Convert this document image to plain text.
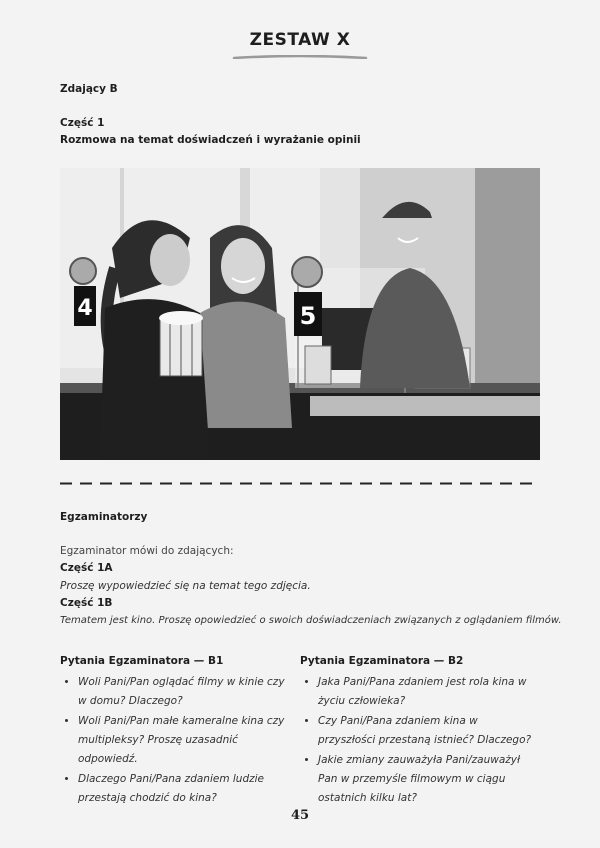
ZESTAW X
Zdający B
Część 1
Rozmowa na temat doświadczeń i wyrażanie opinii
4	5
Egzaminatorzy
Egzaminator mówi do zdających:
Część 1A
Proszę wypowiedzieć się na temat tego zdjęcia.
Część 1B
Tematem jest kino. Proszę opowiedzieć o swoich doświadczeniach związanych z oglądaniem filmów.
Pytania Egzaminatora — B1
• Woli Pani/Pan oglądać filmy w kinie czy w domu? Dlaczego?
• Woli Pani/Pan małe kameralne kina czy multipleksy? Proszę uzasadnić odpowiedź.
• Dlaczego Pani/Pana zdaniem ludzie przestają chodzić do kina?
Pytania Egzaminatora — B2
• Jaka Pani/Pana zdaniem jest rola kina w życiu człowieka?
• Czy Pani/Pana zdaniem kina w przyszłości przestaną istnieć? Dlaczego?
• Jakie zmiany zauważyła Pani/zauważył Pan w przemyśle filmowym w ciągu ostatnich kilku lat?
45
